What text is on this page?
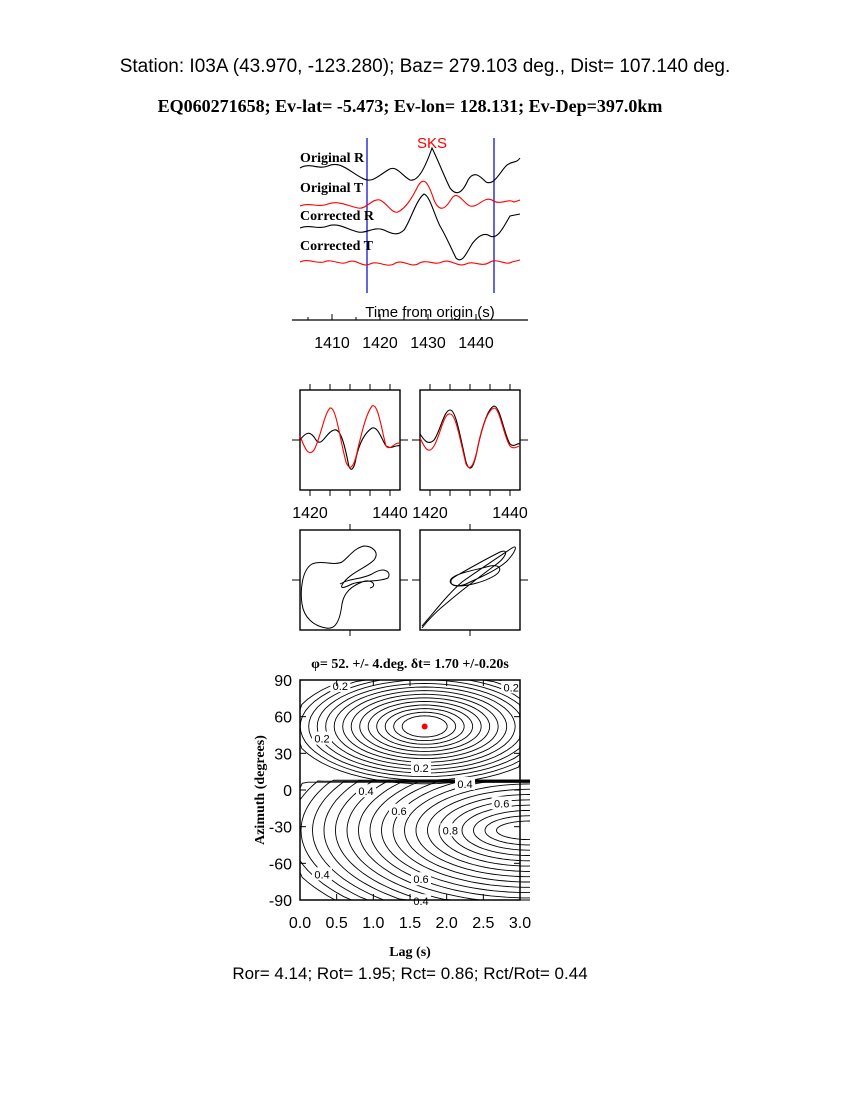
Station: I03A (43.970, -123.280); Baz= 279.103 deg., Dist= 107.140 deg.
EQ060271658; Ev-lat= -5.473; Ev-lon= 128.131; Ev-Dep=397.0km
SKS
Original R
Original T
Corrected R
Corrected T
Time from origin (s)
1410 1420 1430 1440
1420	1440 1420	1440
φ= 52. +/- 4.deg. δt= 1.70 +/-0.20s
0.2	0.2
0.2
0.2
0.4
0.4
0.6
0.6
0.8
0.4	0.6
0.4
0.0 0.5 1.0 1.5 2.0 2.5 3.0
90
60
30
0
-30
-60
-90
Lag (s)
Azimuth (degrees)
Ror= 4.14; Rot= 1.95; Rct= 0.86; Rct/Rot= 0.44
